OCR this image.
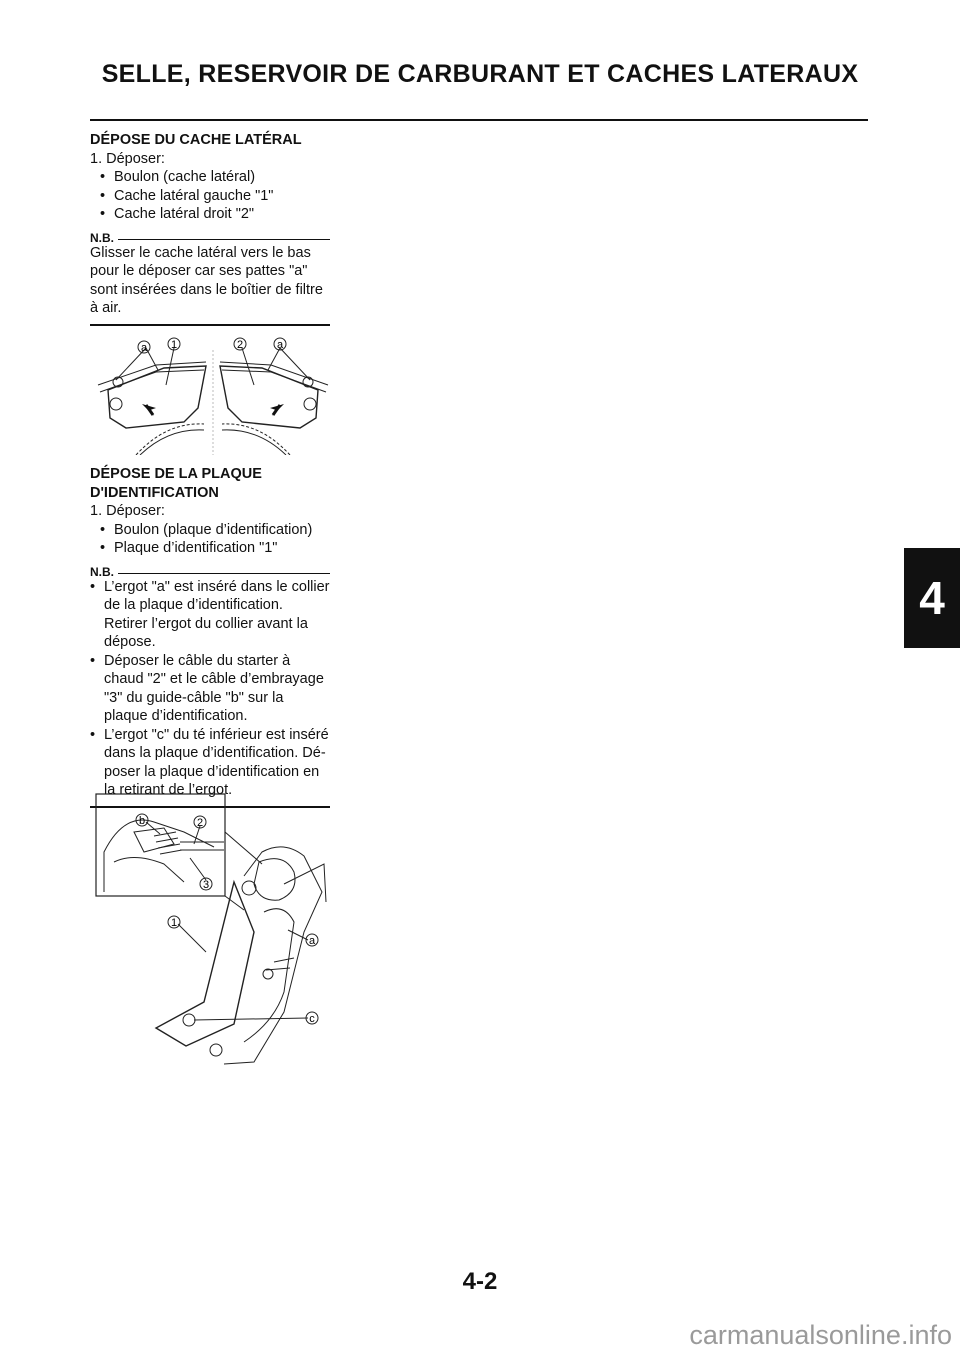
SELLE, RESERVOIR DE CARBURANT ET CACHES LATERAUX
DÉPOSE DU CACHE LATÉRAL
1. Déposer:
• Boulon (cache latéral)
• Cache latéral gauche "1"
• Cache latéral droit "2"
N.B.
Glisser le cache latéral vers le bas pour le déposer car ses pattes "a" sont insérées dans le boîtier de filtre à air.
a 1	2	a
DÉPOSE DE LA PLAQUE
D'IDENTIFICATION
1. Déposer:
• Boulon (plaque d’identification)
• Plaque d’identification "1"
N.B.
• L’ergot "a" est inséré dans le collier de la plaque d’identification. Retirer l’ergot du collier avant la dépose.
• Déposer le câble du starter à chaud "2" et le câble d’embrayage "3" du guide-câble "b" sur la plaque d’identification.
• L’ergot "c" du té inférieur est inséré dans la plaque d’identification. Dé-poser la plaque d’identification en la retirant de l’ergot.
b	2
3
1
a
c
4
4-2
carmanualsonline.info
